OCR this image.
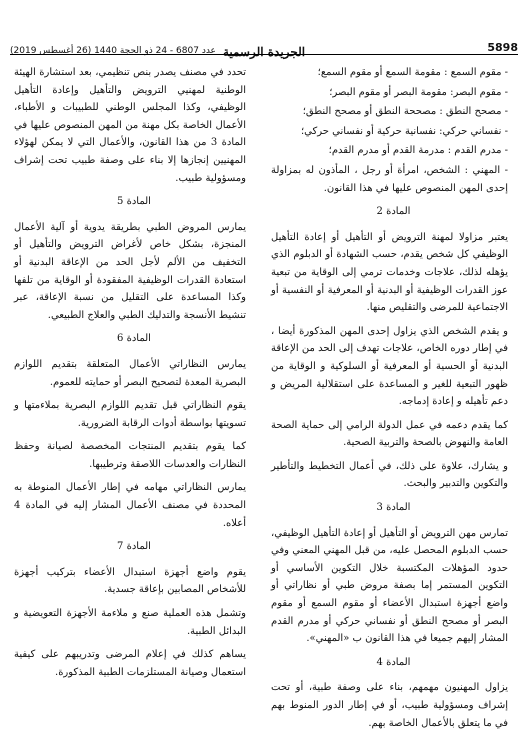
5898
الجريدة الرسمية
عدد 6807 - 24 ذو الحجة 1440 (26 أغسطس 2019)

- مقوم السمع : مقومة السمع أو مقوم السمع؛

- مقوم البصر: مقومة البصر أو مقوم البصر؛

- مصحح النطق : مصححة النطق أو مصحح النطق؛

- نفساني حركي: نفسانية حركية أو نفساني حركي؛

- مدرم القدم : مدرمة القدم أو مدرم القدم؛

- المهني : الشخص، امرأة أو رجل ، المأذون له بمزاولة إحدى المهن المنصوص عليها في هذا القانون.

المادة 2

يعتبر مزاولا لمهنة الترويض أو التأهيل أو إعادة التأهيل الوظيفي كل شخص يقدم، حسب الشهادة أو الدبلوم الذي يؤهله لذلك، علاجات وخدمات ترمي إلى الوقاية من تبعية عوز القدرات الوظيفية أو البدنية أو المعرفية أو النفسية أو الاجتماعية للمرضى والتقليص منها.

و يقدم الشخص الذي يزاول إحدى المهن المذكورة أيضا ، في إطار دوره الخاص، علاجات تهدف إلى الحد من الإعاقة البدنية أو الحسية أو المعرفية أو السلوكية و الوقاية من ظهور التبعية للغير و المساعدة على استقلالية المريض و دعم تأهيله و إعادة إدماجه.

كما يقدم دعمه في عمل الدولة الرامي إلى حماية الصحة العامة والنهوض بالصحة والتربية الصحية.

و يشارك، علاوة على ذلك، في أعمال التخطيط والتأطير والتكوين والتدبير والبحث.

المادة 3

تمارس مهن الترويض أو التأهيل أو إعادة التأهيل الوظيفي، حسب الدبلوم المحصل عليه، من قبل المهني المعني وفي حدود المؤهلات المكتسبة خلال التكوين الأساسي أو التكوين المستمر إما بصفة مروض طبي أو نظاراتي أو واضع أجهزة استبدال الأعضاء أو مقوم السمع أو مقوم البصر أو مصحح النطق أو نفساني حركي أو مدرم القدم المشار إليهم جميعا في هذا القانون ب «المهني».

المادة 4

يزاول المهنيون مهمهم، بناء على وصفة طبية، أو تحت إشراف ومسؤولية طبيب، أو في إطار الدور المنوط بهم في ما يتعلق بالأعمال الخاصة بهم.

تحدد في مصنف يصدر بنص تنظيمي، بعد استشارة الهيئة الوطنية لمهنيي الترويض والتأهيل وإعادة التأهيل الوظيفي، وكذا المجلس الوطني للطبيبات و الأطباء، الأعمال الخاصة بكل مهنة من المهن المنصوص عليها في المادة 3 من هذا القانون، والأعمال التي لا يمكن لهؤلاء المهنيين إنجازها إلا بناء على وصفة طبيب تحت إشراف ومسؤولية طبيب.

المادة 5

يمارس المروض الطبي بطريقة يدوية أو آلية الأعمال المنجزة، بشكل خاص لأغراض الترويض والتأهيل أو التخفيف من الألم لأجل الحد من الإعاقة البدنية أو استعادة القدرات الوظيفية المفقودة أو الوقاية من تلفها وكذا المساعدة على التقليل من نسبة الإعاقة، عبر تنشيط الأنسجة والتدليك الطبي والعلاج الطبيعي.

المادة 6

يمارس النظاراتي الأعمال المتعلقة بتقديم اللوازم البصرية المعدة لتصحيح البصر أو حمايته للعموم.

يقوم النظاراتي قبل تقديم اللوازم البصرية بملاءمتها و تسويتها بواسطة أدوات الرقابة الضرورية.

كما يقوم بتقديم المنتجات المخصصة لصيانة وحفظ النظارات والعدسات اللاصقة وترطيبها.

يمارس النظاراتي مهامه في إطار الأعمال المنوطة به المحددة في مصنف الأعمال المشار إليه في المادة 4 أعلاه.

المادة 7

يقوم واضع أجهزة استبدال الأعضاء بتركيب أجهزة للأشخاص المصابين بإعاقة جسدية.

وتشمل هذه العملية صنع و ملاءمة الأجهزة التعويضية و البدائل الطبية.

يساهم كذلك في إعلام المرضى وتدريبهم على كيفية استعمال وصيانة المستلزمات الطبية المذكورة.
